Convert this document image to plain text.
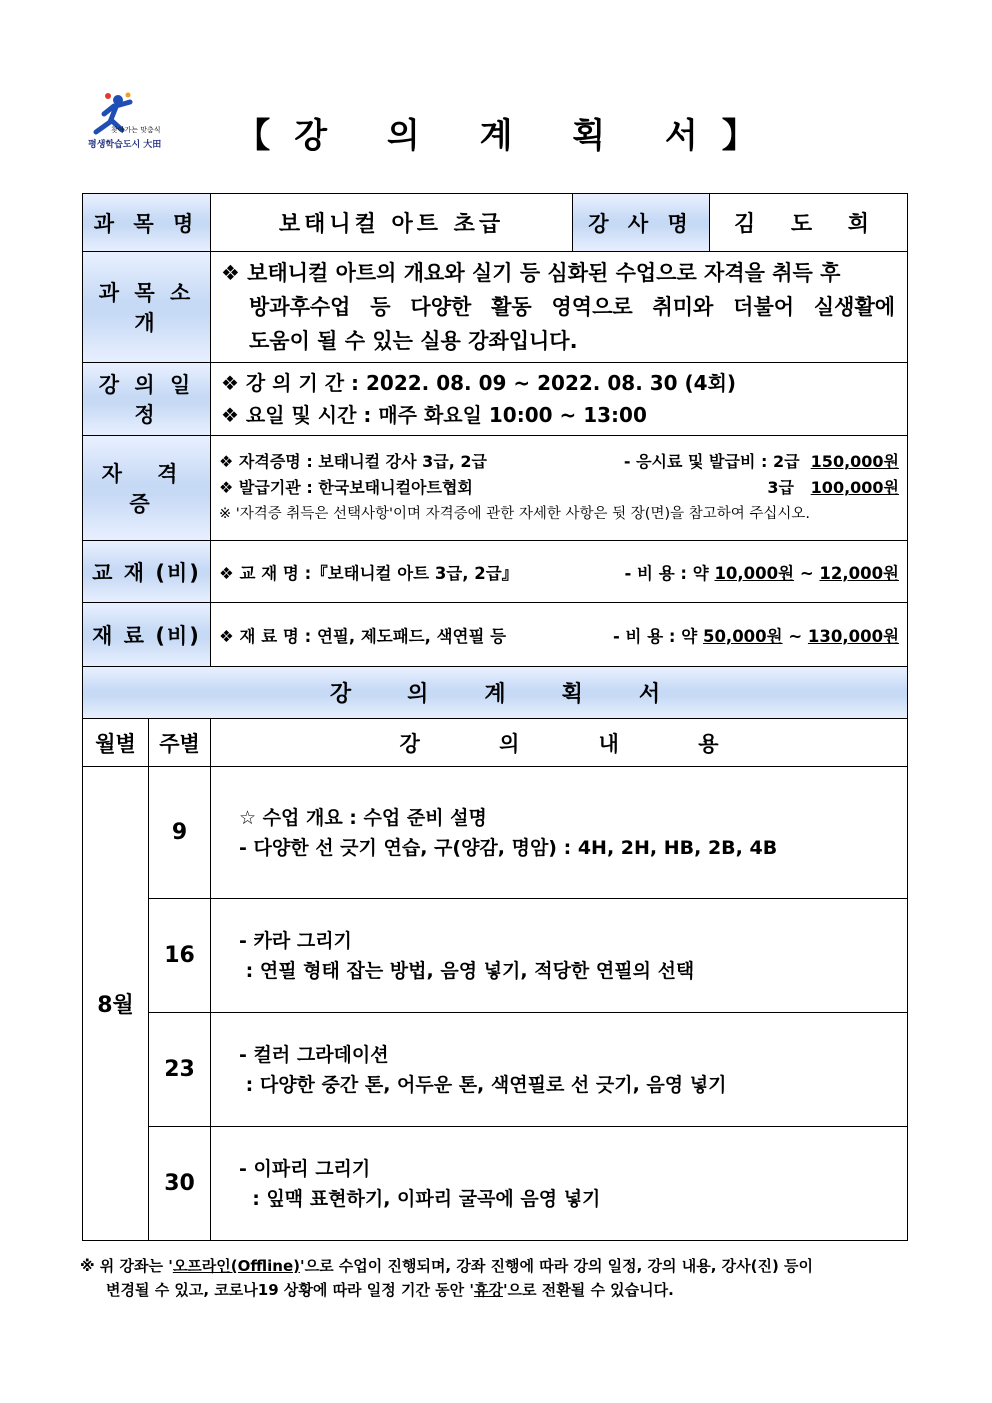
찾아가는 맞춤식
평생학습도시 大田	【강 의 계 획 서】
과 목 명		보태니컬 아트 초급	강 사 명	김 도 희
과 목 소 개		❖ 보태니컬 아트의 개요와 실기 등 심화된 수업으로 자격을 취득 후
방과후수업 등 다양한 활동 영역으로 취미와 더불어 실생활에
도움이 될 수 있는 실용 강좌입니다.		

강 의 일 정		❖ 강 의 기 간 : 2022. 08. 09 ~ 2022. 08. 30 (4회)
❖ 요일 및 시간 : 매주 화요일 10:00 ~ 13:00		

자 격 증		❖ 자격증명 : 보태니컬 강사 3급, 2급 - 응시료 및 발급비 : 2급 150,000원
❖ 발급기관 : 한국보태니컬아트협회 3급 100,000원
※ '자격증 취득은 선택사항'이며 자격증에 관한 자세한 사항은 뒷 장(면)을 참고하여 주십시오.		

교 재 (비)		❖ 교 재 명 :『보태니컬 아트 3급, 2급』 - 비 용 : 약 10,000원 ~ 12,000원		

재 료 (비)		❖ 재 료 명 : 연필, 제도패드, 색연필 등 - 비 용 : 약 50,000원 ~ 130,000원		

강의계획서				
월별	주별	강 의 내 용		
8월	9	☆ 수업 개요 : 수업 준비 설명
- 다양한 선 긋기 연습, 구(양감, 명암) : 4H, 2H, HB, 2B, 4B		

	16	- 카라 그리기
: 연필 형태 잡는 방법, 음영 넣기, 적당한 연필의 선택		

	23	- 컬러 그라데이션
: 다양한 중간 톤, 어두운 톤, 색연필로 선 긋기, 음영 넣기		

	30	- 이파리 그리기
: 잎맥 표현하기, 이파리 굴곡에 음영 넣기		
※ 위 강좌는 '오프라인(Offline)'으로 수업이 진행되며, 강좌 진행에 따라 강의 일정, 강의 내용, 강사(진) 등이
변경될 수 있고, 코로나19 상황에 따라 일정 기간 동안 '휴강'으로 전환될 수 있습니다.
